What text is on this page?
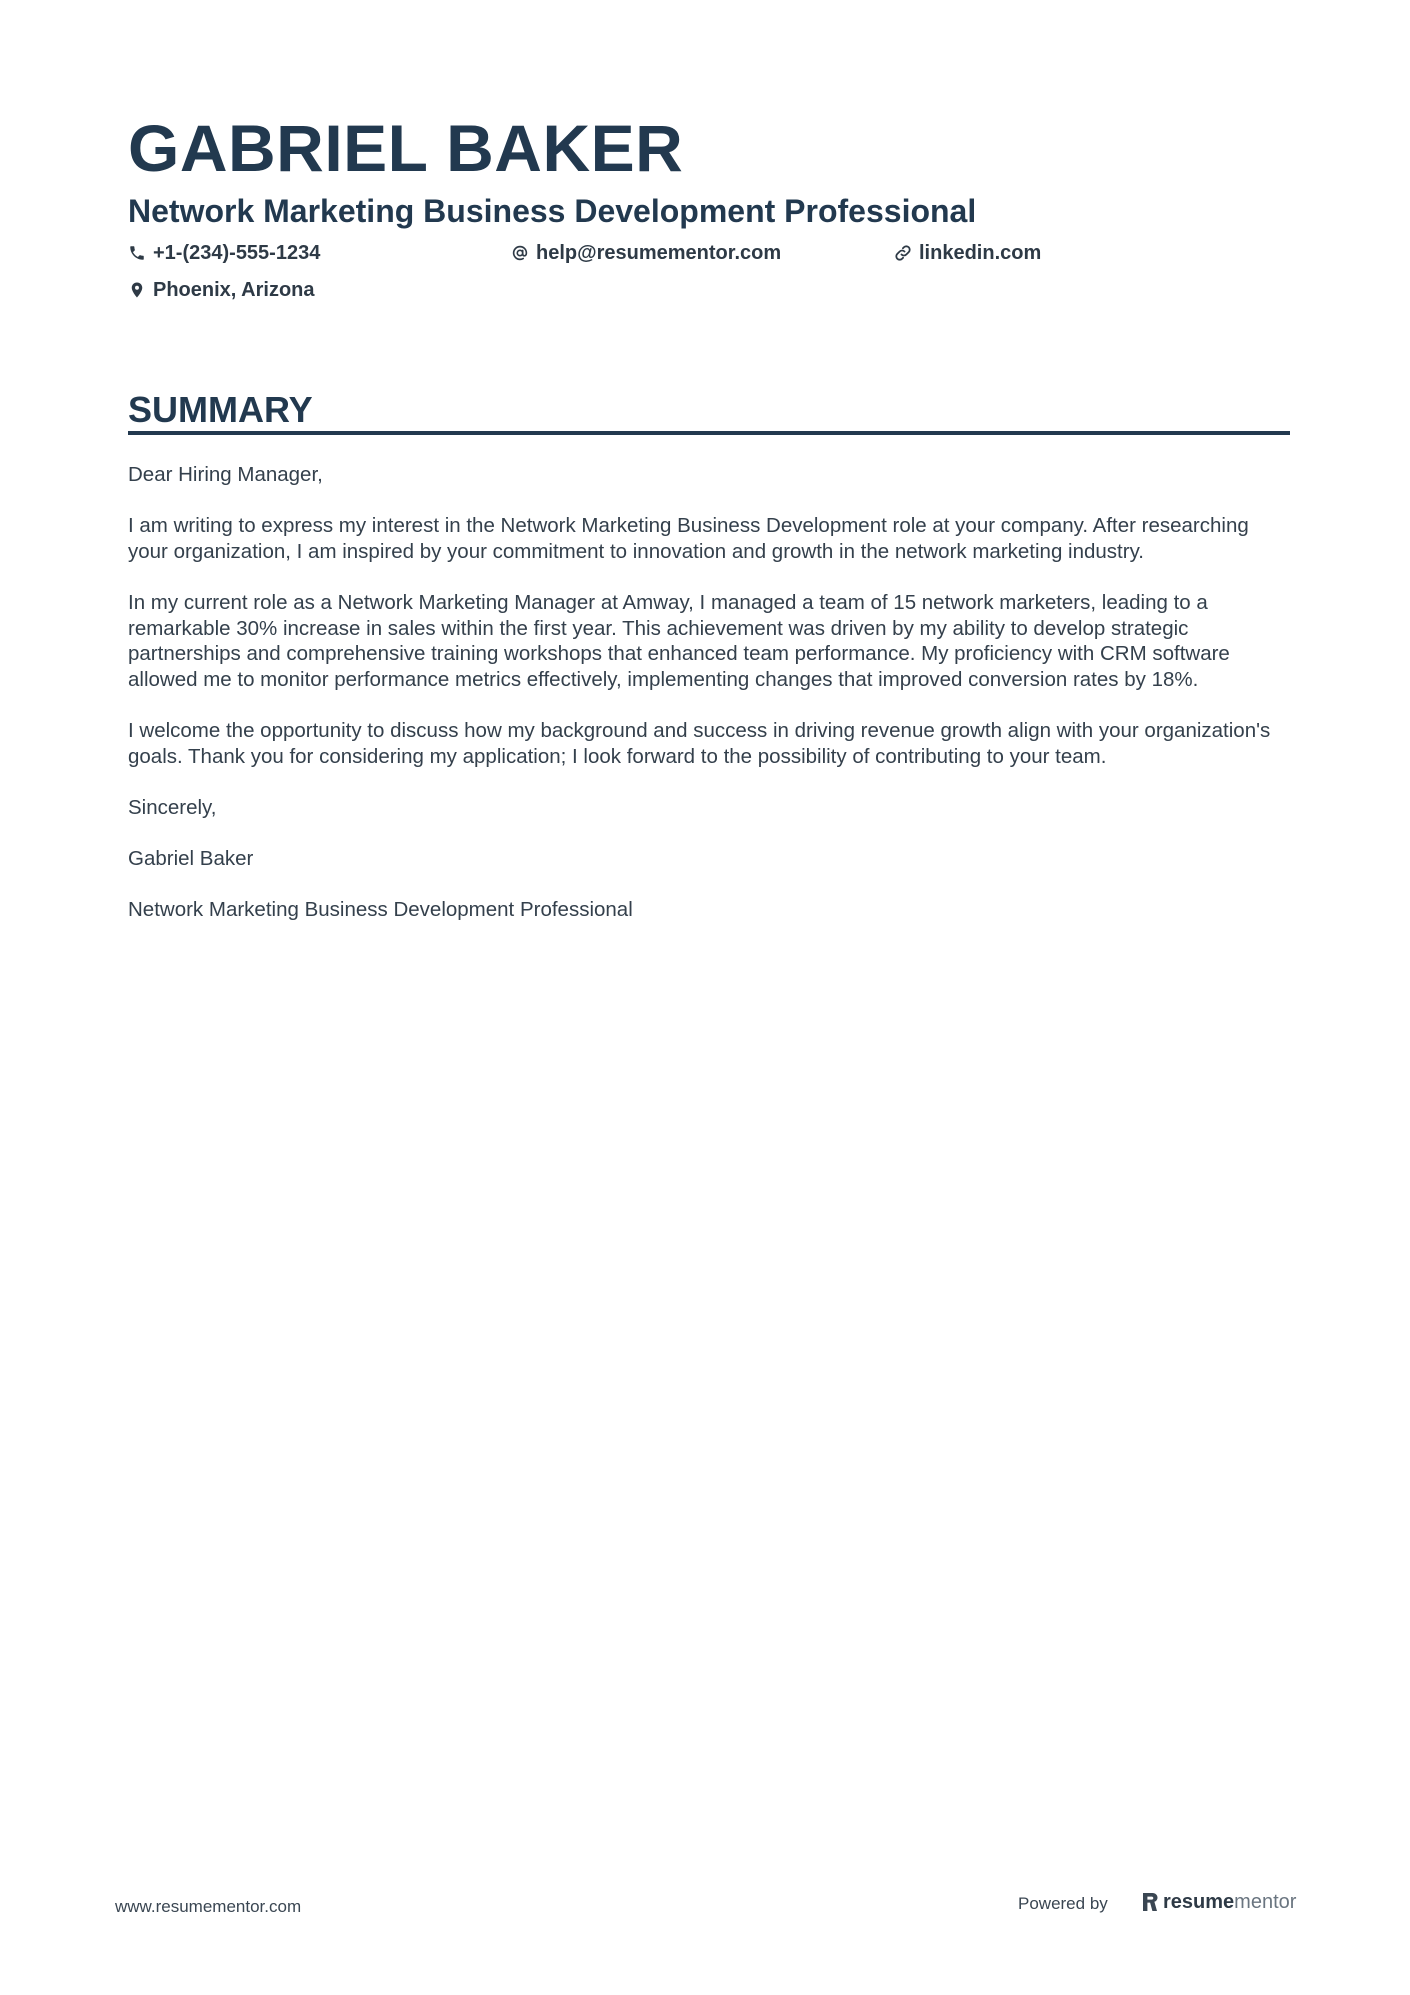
GABRIEL BAKER
Network Marketing Business Development Professional
+1-(234)-555-1234	help@resumementor.com	linkedin.com
Phoenix, Arizona
SUMMARY

Dear Hiring Manager,

I am writing to express my interest in the Network Marketing Business Development role at your company. After researching your organization, I am inspired by your commitment to innovation and growth in the network marketing industry.

In my current role as a Network Marketing Manager at Amway, I managed a team of 15 network marketers, leading to a remarkable 30% increase in sales within the first year. This achievement was driven by my ability to develop strategic partnerships and comprehensive training workshops that enhanced team performance. My proficiency with CRM software allowed me to monitor performance metrics effectively, implementing changes that improved conversion rates by 18%.

I welcome the opportunity to discuss how my background and success in driving revenue growth align with your organization's goals. Thank you for considering my application; I look forward to the possibility of contributing to your team.

Sincerely,

Gabriel Baker

Network Marketing Business Development Professional

www.resumementor.com	Powered by	resume mentor
